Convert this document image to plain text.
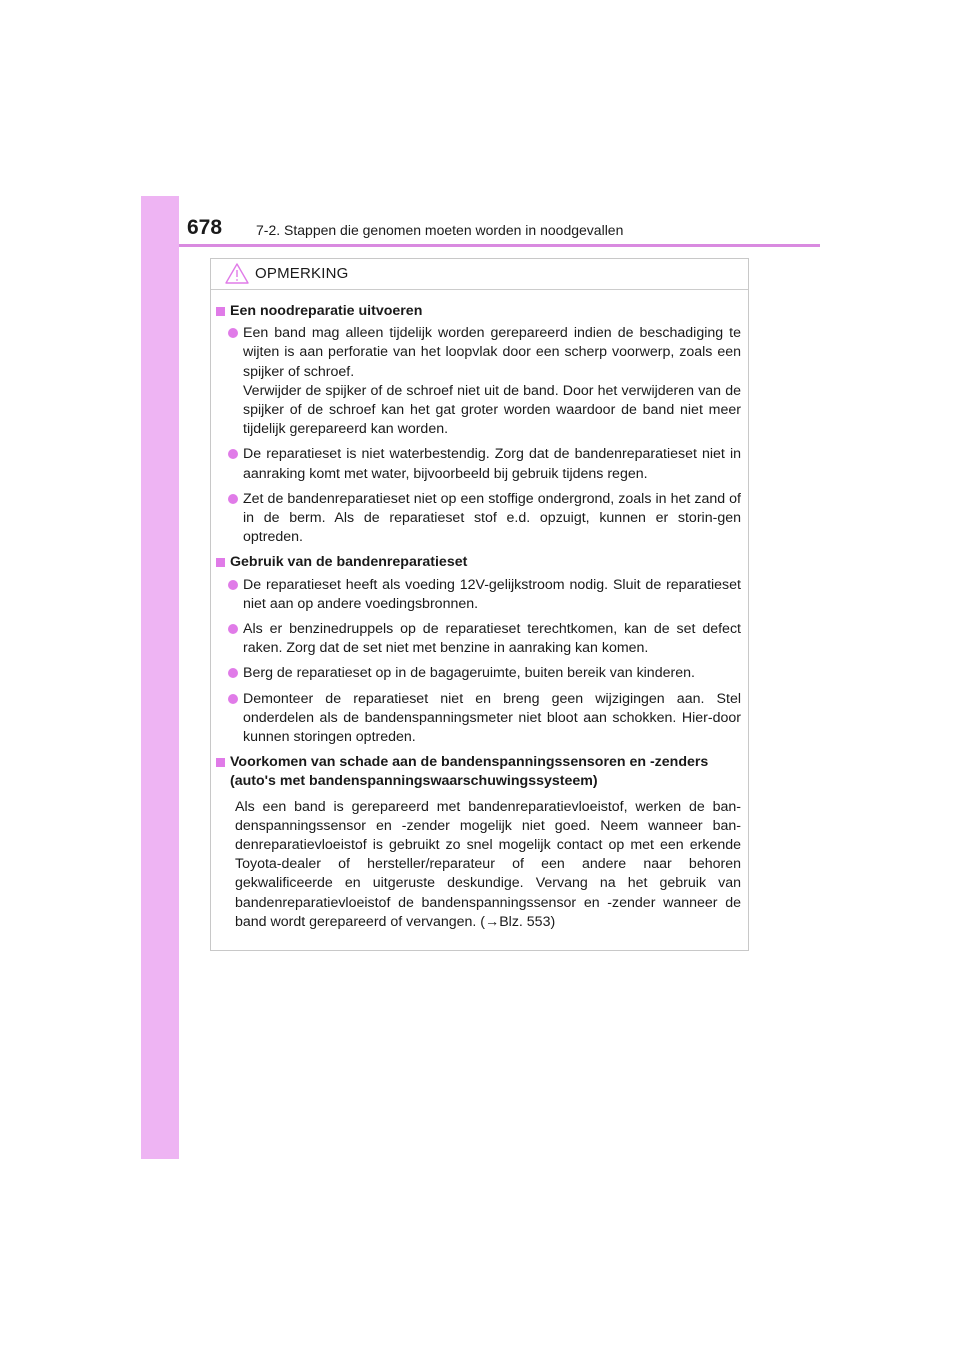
678 7-2. Stappen die genomen moeten worden in noodgevallen
OPMERKING
Een noodreparatie uitvoeren

Een band mag alleen tijdelijk worden gerepareerd indien de beschadiging te wijten is aan perforatie van het loopvlak door een scherp voorwerp, zoals een spijker of schroef.

Verwijder de spijker of de schroef niet uit de band. Door het verwijderen van de spijker of de schroef kan het gat groter worden waardoor de band niet meer tijdelijk gerepareerd kan worden.

De reparatieset is niet waterbestendig. Zorg dat de bandenreparatieset niet in aanraking komt met water, bijvoorbeeld bij gebruik tijdens regen.

Zet de bandenreparatieset niet op een stoffige ondergrond, zoals in het zand of in de berm. Als de reparatieset stof e.d. opzuigt, kunnen er storin-gen optreden.

Gebruik van de bandenreparatieset

De reparatieset heeft als voeding 12V-gelijkstroom nodig. Sluit de reparatieset niet aan op andere voedingsbronnen.

Als er benzinedruppels op de reparatieset terechtkomen, kan de set defect raken. Zorg dat de set niet met benzine in aanraking kan komen.

Berg de reparatieset op in de bagageruimte, buiten bereik van kinderen.

Demonteer de reparatieset niet en breng geen wijzigingen aan. Stel onderdelen als de bandenspanningsmeter niet bloot aan schokken. Hier-door kunnen storingen optreden.

Voorkomen van schade aan de bandenspanningssensoren en -zenders (auto's met bandenspanningswaarschuwingssysteem)
Als een band is gerepareerd met bandenreparatievloeistof, werken de ban-denspanningssensor en -zender mogelijk niet goed. Neem wanneer ban-denreparatievloeistof is gebruikt zo snel mogelijk contact op met een erkende Toyota-dealer of hersteller/reparateur of een andere naar behoren gekwalificeerde en uitgeruste deskundige. Vervang na het gebruik van bandenreparatievloeistof de bandenspanningssensor en -zender wanneer de band wordt gerepareerd of vervangen. (→Blz. 553)
